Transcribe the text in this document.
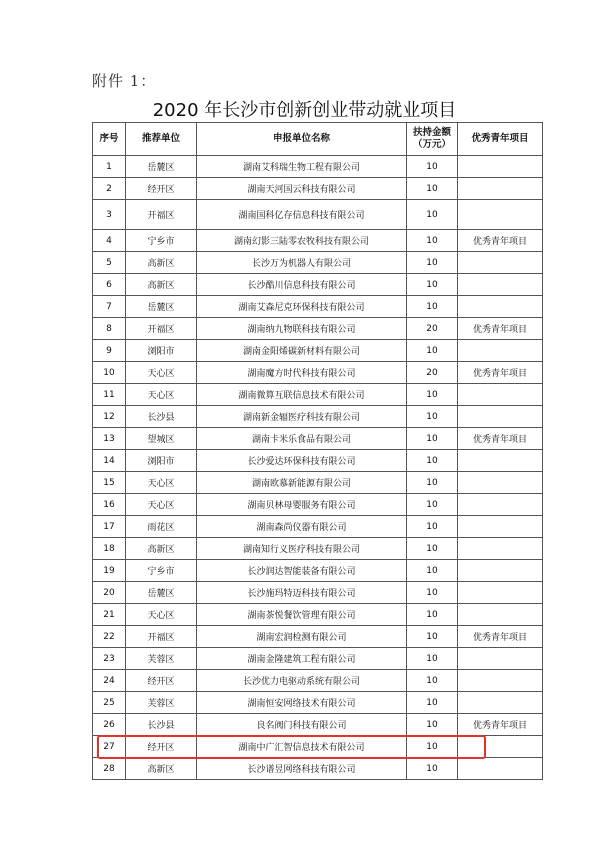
附件 1：
2020 年长沙市创新创业带动就业项目
序号	推荐单位	申报单位名称	扶持金额（万元）	优秀青年项目
1	岳麓区	湖南艾科瑞生物工程有限公司	10	
2	经开区	湖南天河国云科技有限公司	10	
3	开福区	湖南国科亿存信息科技有限公司	10	
4	宁乡市	湖南幻影三陆零农牧科技有限公司	10	优秀青年项目
5	高新区	长沙万为机器人有限公司	10	
6	高新区	长沙酷川信息科技有限公司	10	
7	岳麓区	湖南艾森尼克环保科技有限公司	10	
8	开福区	湖南纳九物联科技有限公司	20	优秀青年项目
9	浏阳市	湖南金阳烯碳新材料有限公司	10	
10	天心区	湖南魔方时代科技有限公司	20	优秀青年项目
11	天心区	湖南微算互联信息技术有限公司	10	
12	长沙县	湖南新金辐医疗科技有限公司	10	
13	望城区	湖南卡米乐食品有限公司	10	优秀青年项目
14	浏阳市	长沙爱达环保科技有限公司	10	
15	天心区	湖南欧慕新能源有限公司	10	
16	天心区	湖南贝林母婴服务有限公司	10	
17	雨花区	湖南森尚仪器有限公司	10	
18	高新区	湖南知行义医疗科技有限公司	10	
19	宁乡市	长沙润达智能装备有限公司	10	
20	岳麓区	长沙施玛特迈科技有限公司	10	
21	天心区	湖南茶悦餐饮管理有限公司	10	
22	开福区	湖南宏润检测有限公司	10	优秀青年项目
23	芙蓉区	湖南金隆建筑工程有限公司	10	
24	经开区	长沙优力电驱动系统有限公司	10	
25	芙蓉区	湖南恒安网络技术有限公司	10	
26	长沙县	良名阀门科技有限公司	10	优秀青年项目
27	经开区	湖南中广汇智信息技术有限公司	10	
28	高新区	长沙谱昱网络科技有限公司	10	
